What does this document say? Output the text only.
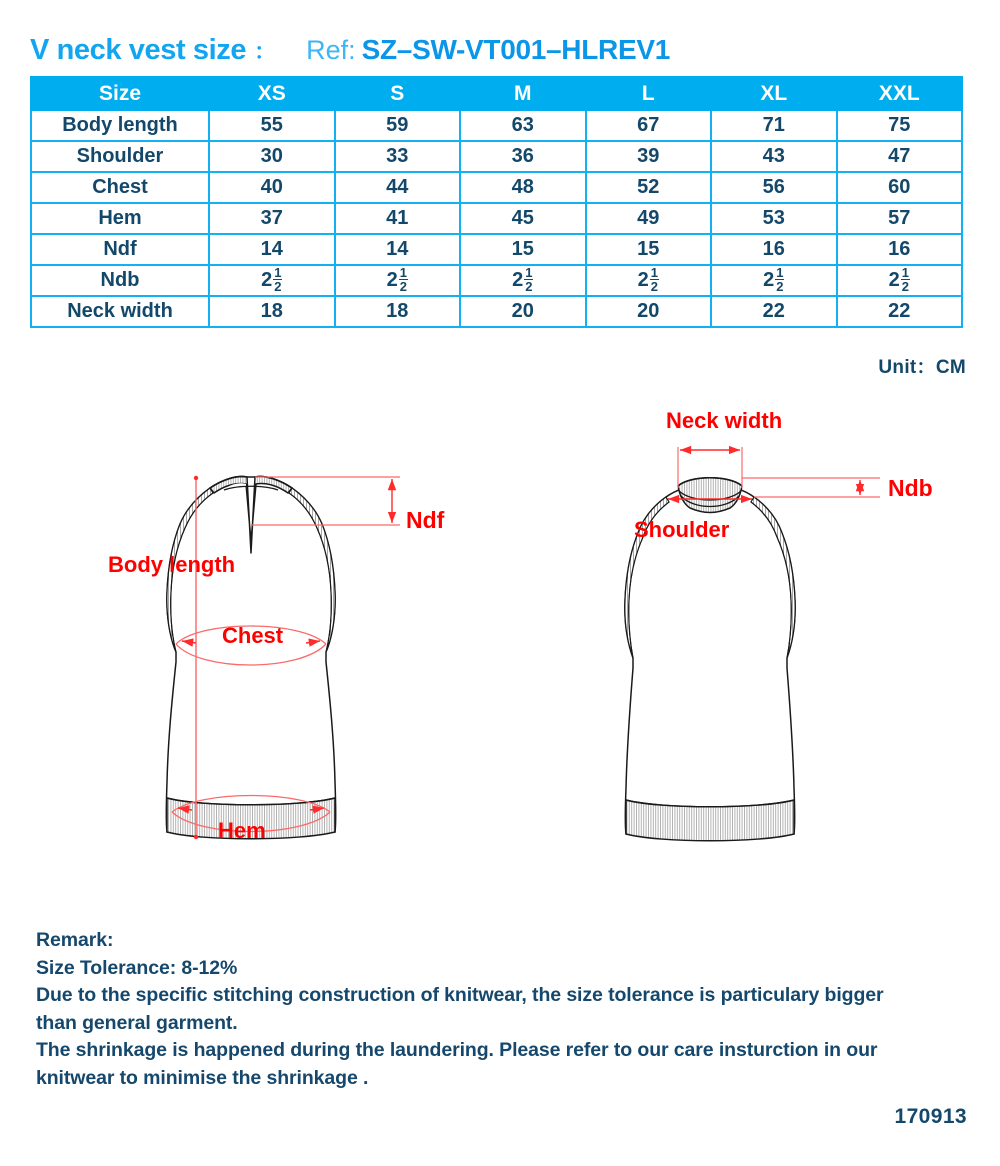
V neck vest size ： Ref: SZ–SW-VT001–HLREV1
Size	XS	S	M	L	XL	XXL
Body length	55	59	63	67	71	75
Shoulder	30	33	36	39	43	47
Chest	40	44	48	52	56	60
Hem	37	41	45	49	53	57
Ndf	14	14	15	15	16	16
Ndb	$2 \frac{1}{2}$	$2 \frac{1}{2}$	$2 \frac{1}{2}$	$2 \frac{1}{2}$	$2 \frac{1}{2}$	$2 \frac{1}{2}$

Neck width	18	18	20	20	22	22
Unit：CM
Ndf
Body length
Chest
Hem
Neck width
Ndb
Shoulder

Remark:

Size Tolerance: 8-12%

Due to the specific stitching construction of knitwear, the size tolerance is particulary bigger

than general garment.

The shrinkage is happened during the laundering. Please refer to our care insturction in our

knitwear to minimise the shrinkage .

170913
